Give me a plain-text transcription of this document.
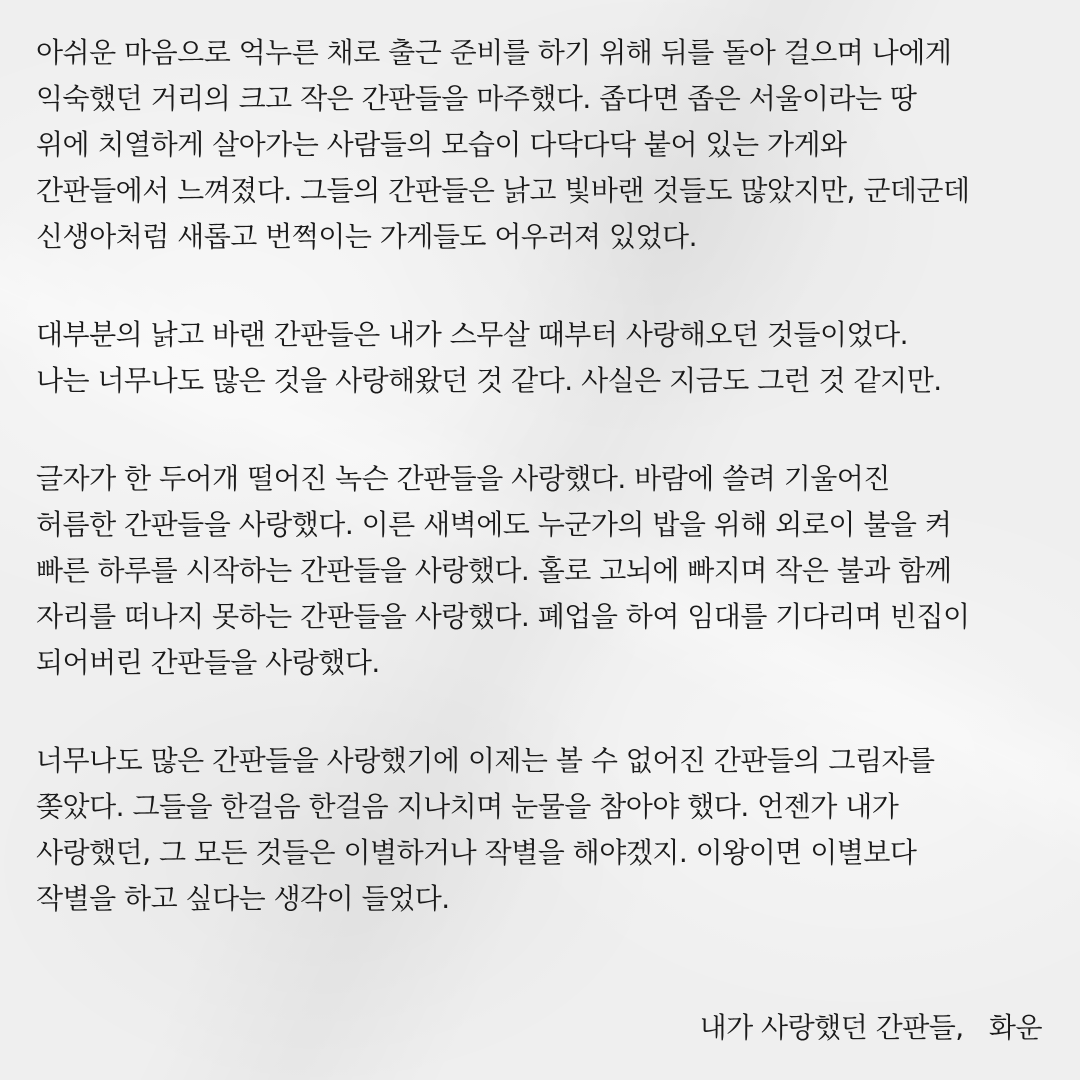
아쉬운 마음으로 억누른 채로 출근 준비를 하기 위해 뒤를 돌아 걸으며 나에게

익숙했던 거리의 크고 작은 간판들을 마주했다. 좁다면 좁은 서울이라는 땅

위에 치열하게 살아가는 사람들의 모습이 다닥다닥 붙어 있는 가게와

간판들에서 느껴졌다. 그들의 간판들은 낡고 빛바랜 것들도 많았지만, 군데군데

신생아처럼 새롭고 번쩍이는 가게들도 어우러져 있었다.

대부분의 낡고 바랜 간판들은 내가 스무살 때부터 사랑해오던 것들이었다.

나는 너무나도 많은 것을 사랑해왔던 것 같다. 사실은 지금도 그런 것 같지만.

글자가 한 두어개 떨어진 녹슨 간판들을 사랑했다. 바람에 쓸려 기울어진

허름한 간판들을 사랑했다. 이른 새벽에도 누군가의 밥을 위해 외로이 불을 켜

빠른 하루를 시작하는 간판들을 사랑했다. 홀로 고뇌에 빠지며 작은 불과 함께

자리를 떠나지 못하는 간판들을 사랑했다. 폐업을 하여 임대를 기다리며 빈집이

되어버린 간판들을 사랑했다.

너무나도 많은 간판들을 사랑했기에 이제는 볼 수 없어진 간판들의 그림자를

쫒았다. 그들을 한걸음 한걸음 지나치며 눈물을 참아야 했다. 언젠가 내가

사랑했던, 그 모든 것들은 이별하거나 작별을 해야겠지. 이왕이면 이별보다

작별을 하고 싶다는 생각이 들었다.

내가 사랑했던 간판들,   화운
